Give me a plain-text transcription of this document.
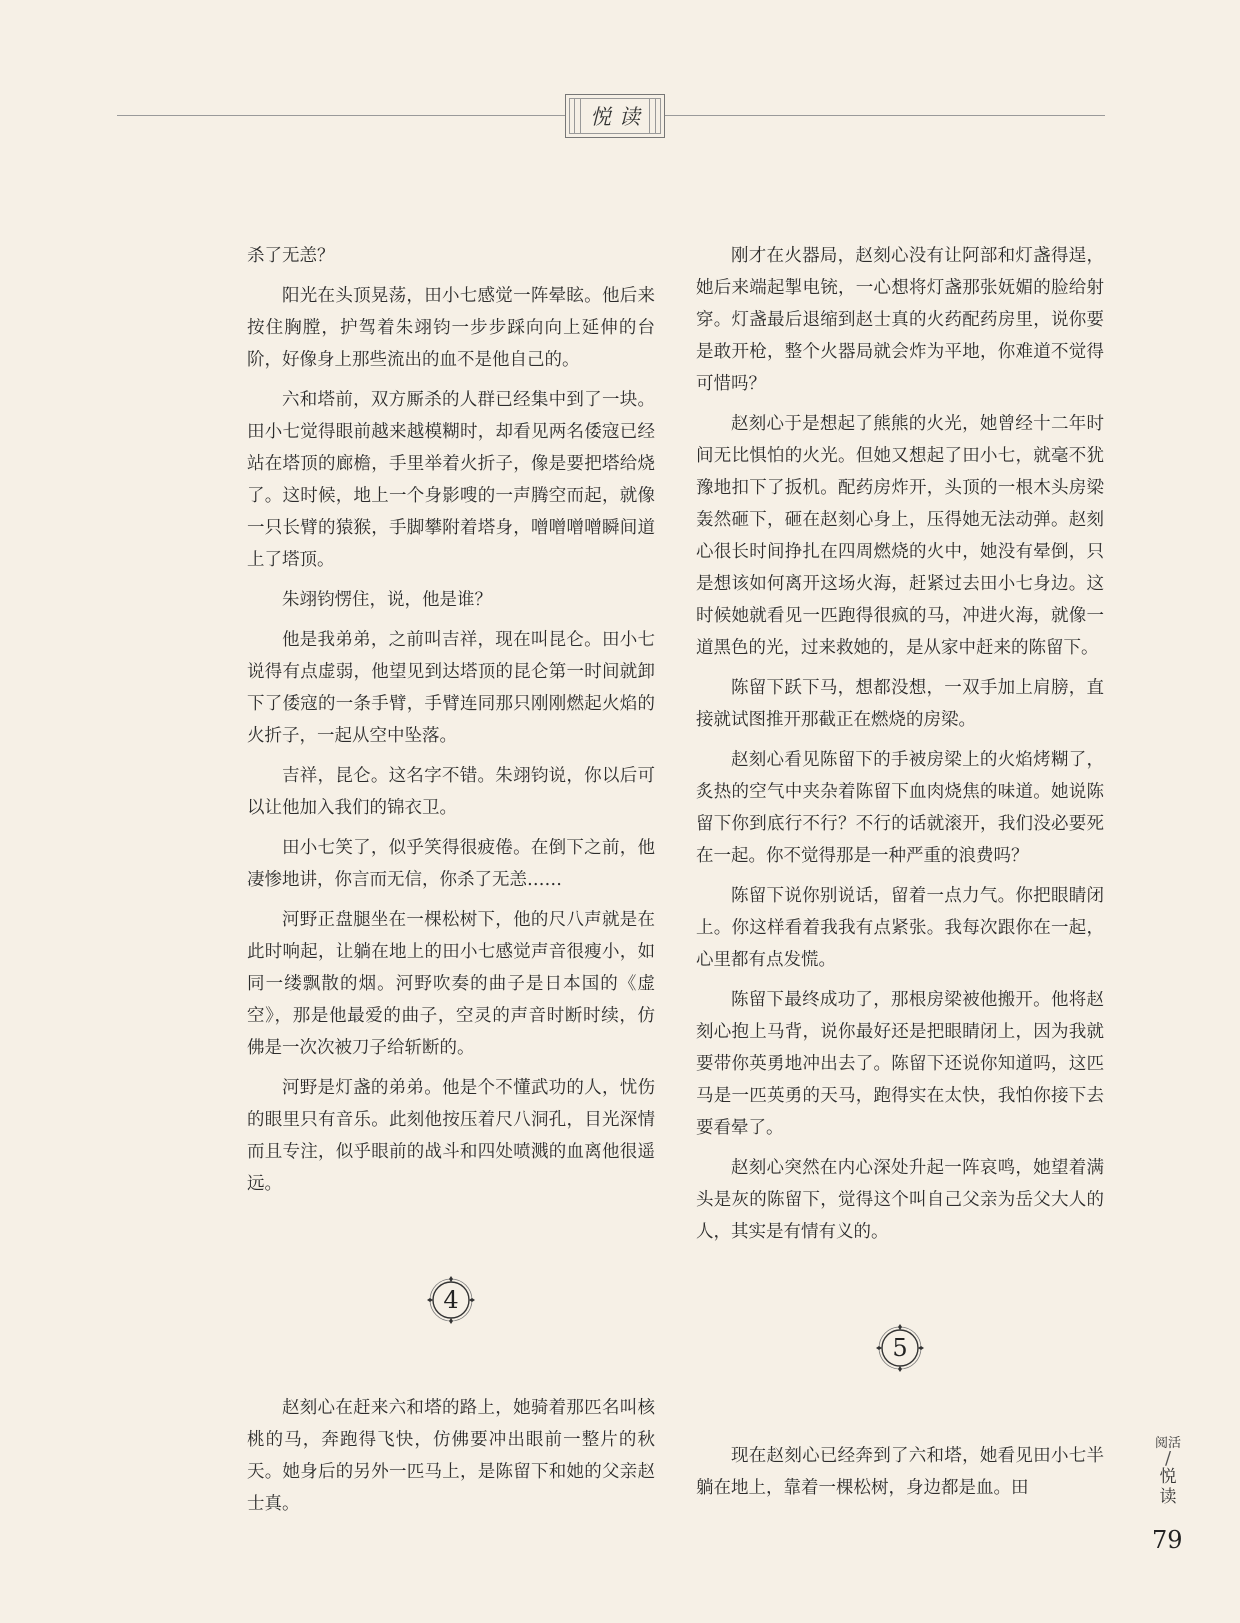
悦读

杀了无恙？

阳光在头顶晃荡，田小七感觉一阵晕眩。他后来按住胸膛，护驾着朱翊钧一步步踩向向上延伸的台阶，好像身上那些流出的血不是他自己的。

六和塔前，双方厮杀的人群已经集中到了一块。田小七觉得眼前越来越模糊时，却看见两名倭寇已经站在塔顶的廊檐，手里举着火折子，像是要把塔给烧了。这时候，地上一个身影嗖的一声腾空而起，就像一只长臂的猿猴，手脚攀附着塔身，噌噌噌噌瞬间道上了塔顶。

朱翊钧愣住，说，他是谁？

他是我弟弟，之前叫吉祥，现在叫昆仑。田小七说得有点虚弱，他望见到达塔顶的昆仑第一时间就卸下了倭寇的一条手臂，手臂连同那只刚刚燃起火焰的火折子，一起从空中坠落。

吉祥，昆仑。这名字不错。朱翊钧说，你以后可以让他加入我们的锦衣卫。

田小七笑了，似乎笑得很疲倦。在倒下之前，他凄惨地讲，你言而无信，你杀了无恙……

河野正盘腿坐在一棵松树下，他的尺八声就是在此时响起，让躺在地上的田小七感觉声音很瘦小，如同一缕飘散的烟。河野吹奏的曲子是日本国的《虚空》，那是他最爱的曲子，空灵的声音时断时续，仿佛是一次次被刀子给斩断的。

河野是灯盏的弟弟。他是个不懂武功的人，忧伤的眼里只有音乐。此刻他按压着尺八洞孔，目光深情而且专注，似乎眼前的战斗和四处喷溅的血离他很遥远。

4

赵刻心在赶来六和塔的路上，她骑着那匹名叫核桃的马，奔跑得飞快，仿佛要冲出眼前一整片的秋天。她身后的另外一匹马上，是陈留下和她的父亲赵士真。

刚才在火器局，赵刻心没有让阿部和灯盏得逞，她后来端起掣电铳，一心想将灯盏那张妩媚的脸给射穿。灯盏最后退缩到赵士真的火药配药房里，说你要是敢开枪，整个火器局就会炸为平地，你难道不觉得可惜吗？

赵刻心于是想起了熊熊的火光，她曾经十二年时间无比惧怕的火光。但她又想起了田小七，就毫不犹豫地扣下了扳机。配药房炸开，头顶的一根木头房梁轰然砸下，砸在赵刻心身上，压得她无法动弹。赵刻心很长时间挣扎在四周燃烧的火中，她没有晕倒，只是想该如何离开这场火海，赶紧过去田小七身边。这时候她就看见一匹跑得很疯的马，冲进火海，就像一道黑色的光，过来救她的，是从家中赶来的陈留下。

陈留下跃下马，想都没想，一双手加上肩膀，直接就试图推开那截正在燃烧的房梁。

赵刻心看见陈留下的手被房梁上的火焰烤糊了，炙热的空气中夹杂着陈留下血肉烧焦的味道。她说陈留下你到底行不行？不行的话就滚开，我们没必要死在一起。你不觉得那是一种严重的浪费吗？

陈留下说你别说话，留着一点力气。你把眼睛闭上。你这样看着我我有点紧张。我每次跟你在一起，心里都有点发慌。

陈留下最终成功了，那根房梁被他搬开。他将赵刻心抱上马背，说你最好还是把眼睛闭上，因为我就要带你英勇地冲出去了。陈留下还说你知道吗，这匹马是一匹英勇的天马，跑得实在太快，我怕你接下去要看晕了。

赵刻心突然在内心深处升起一阵哀鸣，她望着满头是灰的陈留下，觉得这个叫自己父亲为岳父大人的人，其实是有情有义的。

5

现在赵刻心已经奔到了六和塔，她看见田小七半躺在地上，靠着一棵松树，身边都是血。田

阅活
/
悦读
79
